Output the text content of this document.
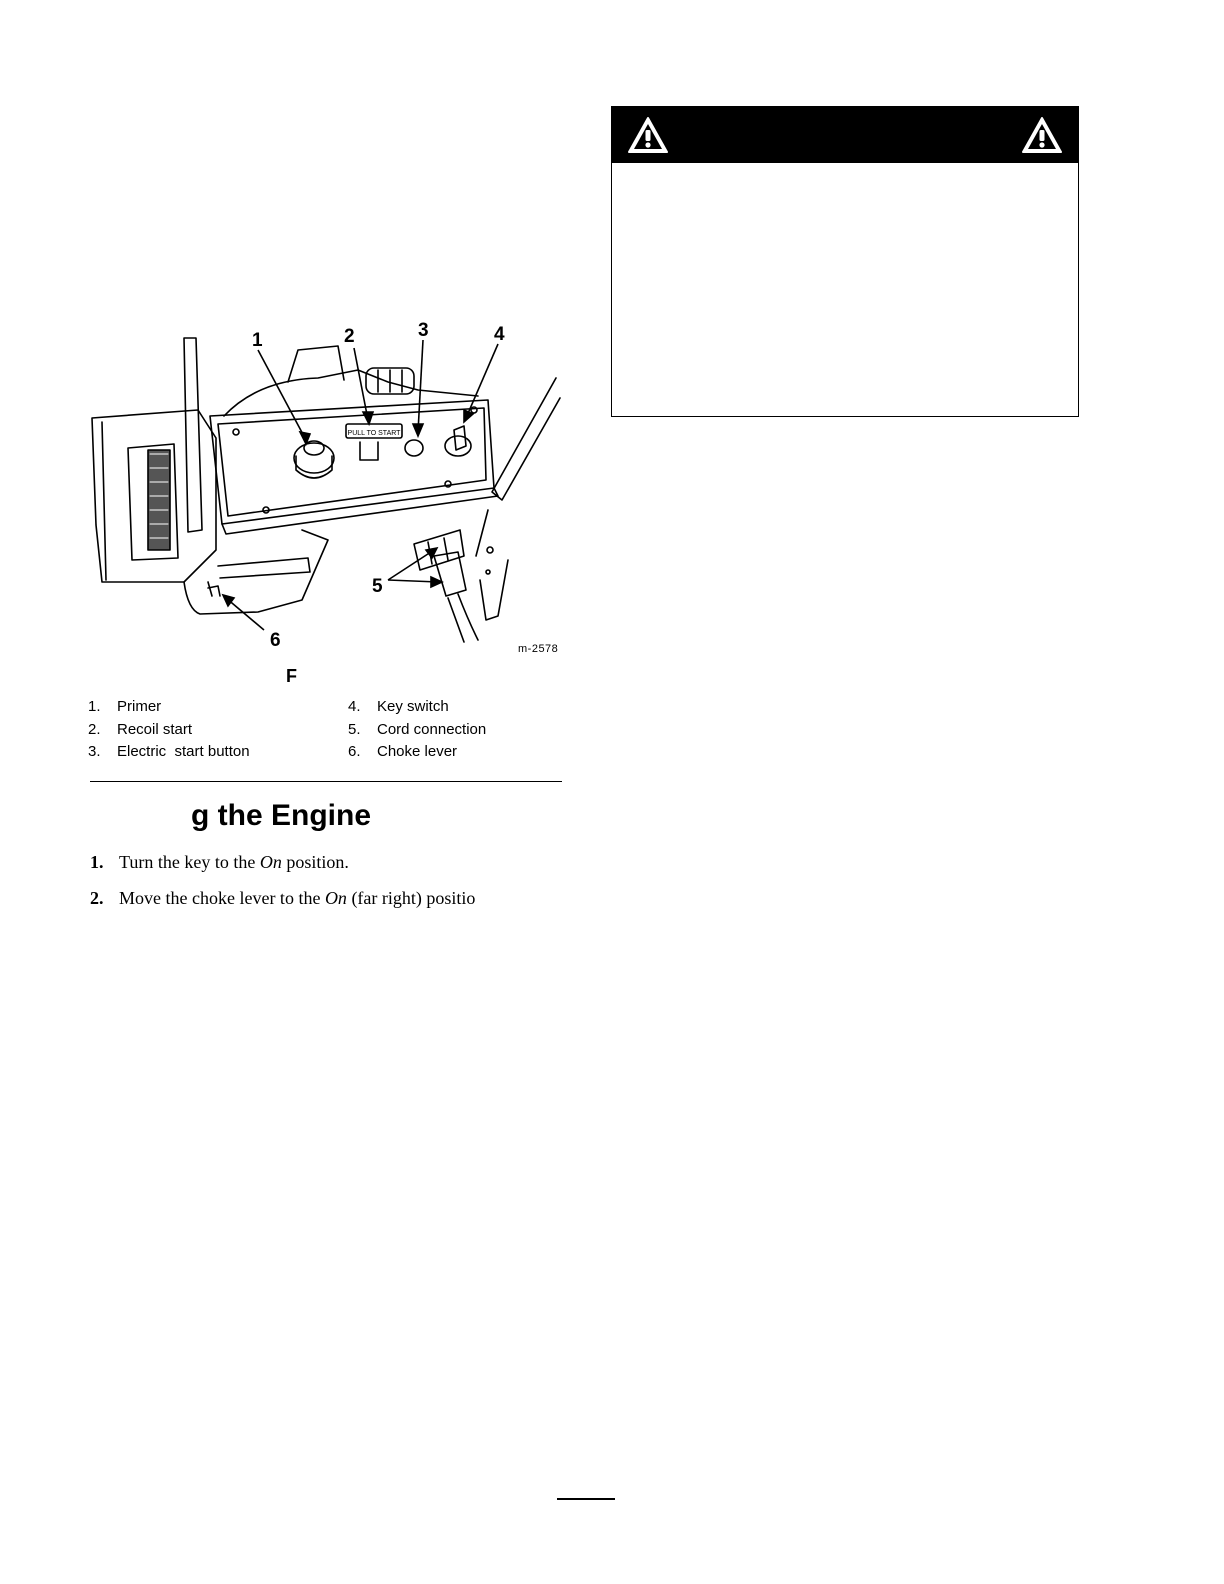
PULL TO START
1	2	3	4
5
6	m-2578
F
1. Primer
2. Recoil start
3. Electric  start button
4. Key switch
5. Cord connection
6. Choke lever
g the Engine
1. Turn the key to the On position.
2. Move the choke lever to the On (far right) positio
